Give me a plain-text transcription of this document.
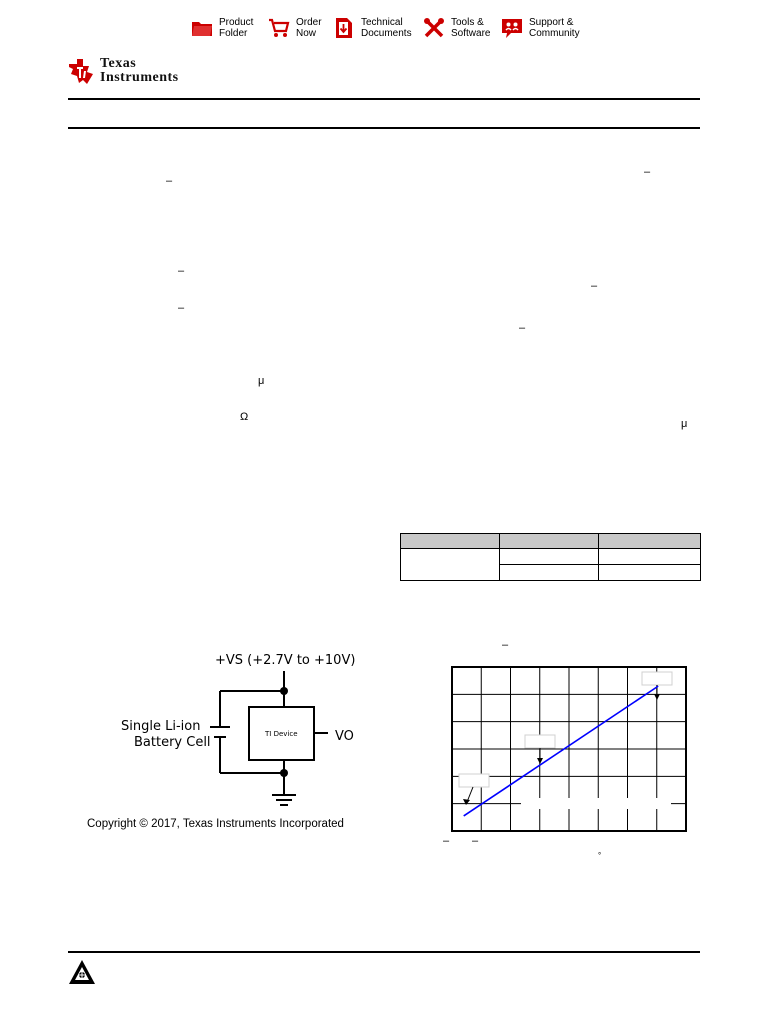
Product
Folder
Order
Now
Technical
Documents
Tools &
Software
Support &
Community
Texas
Instruments
–
–
–
μ
Ω
–
–
–
μ
–
– –
°

+VS (+2.7V to +10V)
Single Li-ion
Battery Cell
TI Device	VO
Copyright © 2017, Texas Instruments Incorporated
